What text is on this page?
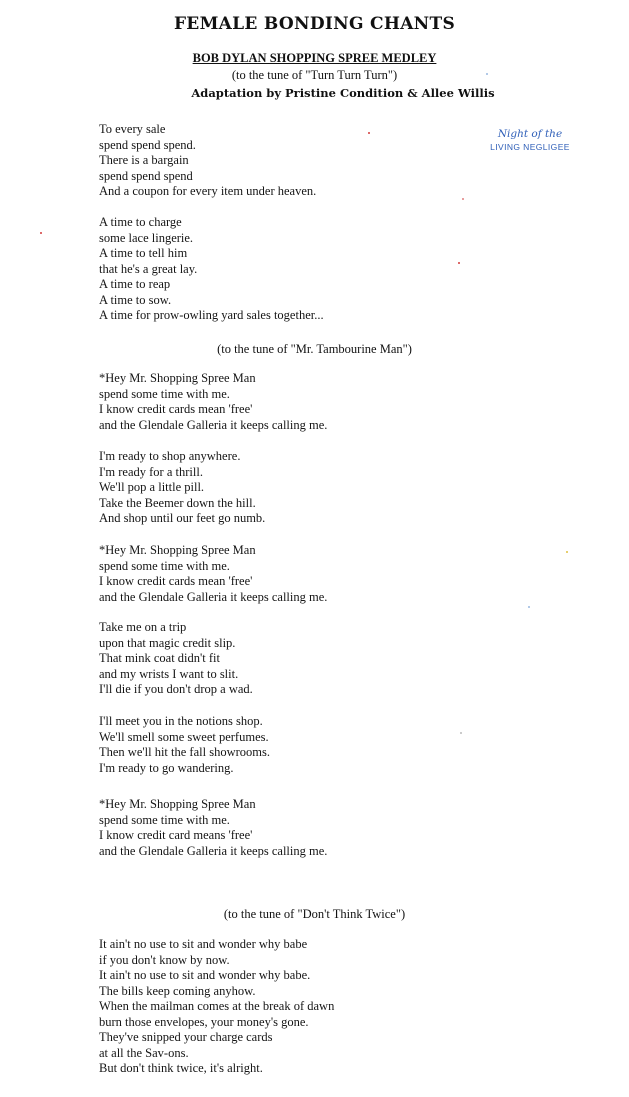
FEMALE BONDING CHANTS
BOB DYLAN SHOPPING SPREE MEDLEY
(to the tune of "Turn Turn Turn")
Adaptation by Pristine Condition & Allee Willis
Night of the
LIVING NEGLIGEE
To every sale
spend spend spend.
There is a bargain
spend spend spend
And a coupon for every item under heaven.
A time to charge
some lace lingerie.
A time to tell him
that he's a great lay.
A time to reap
A time to sow.
A time for prow-owling yard sales together...
(to the tune of "Mr. Tambourine Man")
*Hey Mr. Shopping Spree Man
spend some time with me.
I know credit cards mean 'free'
and the Glendale Galleria it keeps calling me.
I'm ready to shop anywhere.
I'm ready for a thrill.
We'll pop a little pill.
Take the Beemer down the hill.
And shop until our feet go numb.
*Hey Mr. Shopping Spree Man
spend some time with me.
I know credit cards mean 'free'
and the Glendale Galleria it keeps calling me.
Take me on a trip
upon that magic credit slip.
That mink coat didn't fit
and my wrists I want to slit.
I'll die if you don't drop a wad.
I'll meet you in the notions shop.
We'll smell some sweet perfumes.
Then we'll hit the fall showrooms.
I'm ready to go wandering.
*Hey Mr. Shopping Spree Man
spend some time with me.
I know credit card means 'free'
and the Glendale Galleria it keeps calling me.
(to the tune of "Don't Think Twice")
It ain't no use to sit and wonder why babe
if you don't know by now.
It ain't no use to sit and wonder why babe.
The bills keep coming anyhow.
When the mailman comes at the break of dawn
burn those envelopes, your money's gone.
They've snipped your charge cards
at all the Sav-ons.
But don't think twice, it's alright.
